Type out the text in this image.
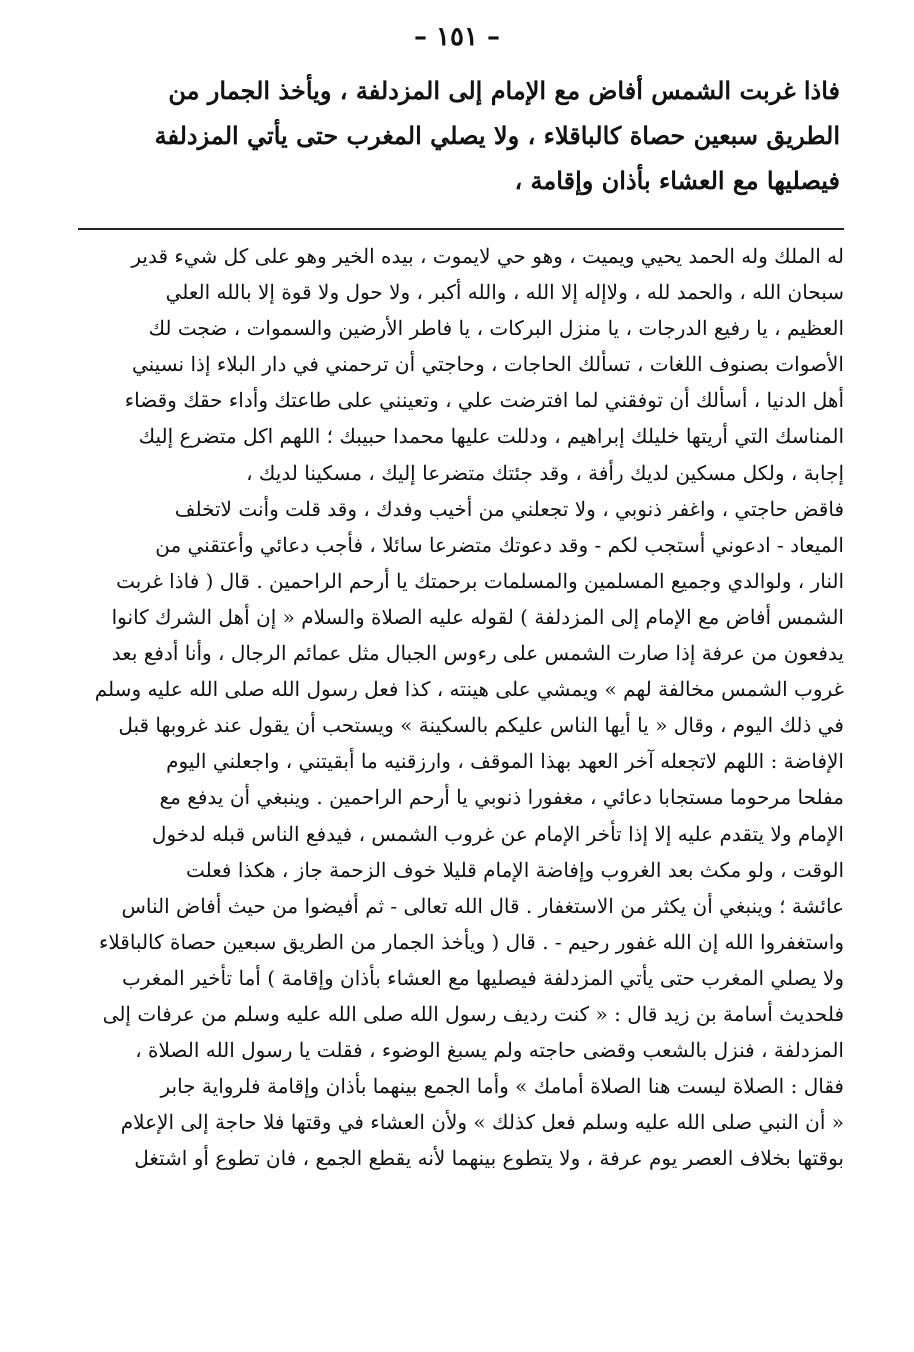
– ١٥١ –
فاذا غربت الشمس أفاض مع الإمام إلى المزدلفة ، ويأخذ الجمار من
الطريق سبعين حصاة كالباقلاء ، ولا يصلي المغرب حتى يأتي المزدلفة
فيصليها مع العشاء بأذان وإقامة ،
له الملك وله الحمد يحيي ويميت ، وهو حي لايموت ، بيده الخير وهو على كل شيء قدير
سبحان الله ، والحمد لله ، ولاإله إلا الله ، والله أكبر ، ولا حول ولا قوة إلا بالله العلي
العظيم ، يا رفيع الدرجات ، يا منزل البركات ، يا فاطر الأرضين والسموات ، ضجت لك
الأصوات بصنوف اللغات ، تسألك الحاجات ، وحاجتي أن ترحمني في دار البلاء إذا نسيني
أهل الدنيا ، أسألك أن توفقني لما افترضت علي ، وتعينني على طاعتك وأداء حقك وقضاء
المناسك التي أريتها خليلك إبراهيم ، ودللت عليها محمدا حبيبك ؛ اللهم اكل متضرع إليك
إجابة ، ولكل مسكين لديك رأفة ، وقد جئتك متضرعا إليك ، مسكينا لديك ،
فاقض حاجتي ، واغفر ذنوبي ، ولا تجعلني من أخيب وفدك ، وقد قلت وأنت لاتخلف
الميعاد - ادعوني أستجب لكم - وقد دعوتك متضرعا سائلا ، فأجب دعائي وأعتقني من
النار ، ولوالدي وجميع المسلمين والمسلمات برحمتك يا أرحم الراحمين . قال ( فاذا غربت
الشمس أفاض مع الإمام إلى المزدلفة ) لقوله عليه الصلاة والسلام « إن أهل الشرك كانوا
يدفعون من عرفة إذا صارت الشمس على رءوس الجبال مثل عمائم الرجال ، وأنا أدفع بعد
غروب الشمس مخالفة لهم » ويمشي على هينته ، كذا فعل رسول الله صلى الله عليه وسلم
في ذلك اليوم ، وقال « يا أيها الناس عليكم بالسكينة » ويستحب أن يقول عند غروبها قبل
الإفاضة : اللهم لاتجعله آخر العهد بهذا الموقف ، وارزقنيه ما أبقيتني ، واجعلني اليوم
مفلحا مرحوما مستجابا دعائي ، مغفورا ذنوبي يا أرحم الراحمين . وينبغي أن يدفع مع
الإمام ولا يتقدم عليه إلا إذا تأخر الإمام عن غروب الشمس ، فيدفع الناس قبله لدخول
الوقت ، ولو مكث بعد الغروب وإفاضة الإمام قليلا خوف الزحمة جاز ، هكذا فعلت
عائشة ؛ وينبغي أن يكثر من الاستغفار . قال الله تعالى - ثم أفيضوا من حيث أفاض الناس
واستغفروا الله إن الله غفور رحيم - . قال ( ويأخذ الجمار من الطريق سبعين حصاة كالباقلاء
ولا يصلي المغرب حتى يأتي المزدلفة فيصليها مع العشاء بأذان وإقامة ) أما تأخير المغرب
فلحديث أسامة بن زيد قال : « كنت رديف رسول الله صلى الله عليه وسلم من عرفات إلى
المزدلفة ، فنزل بالشعب وقضى حاجته ولم يسبغ الوضوء ، فقلت يا رسول الله الصلاة ،
فقال : الصلاة ليست هنا الصلاة أمامك » وأما الجمع بينهما بأذان وإقامة فلرواية جابر
« أن النبي صلى الله عليه وسلم فعل كذلك » ولأن العشاء في وقتها فلا حاجة إلى الإعلام
بوقتها بخلاف العصر يوم عرفة ، ولا يتطوع بينهما لأنه يقطع الجمع ، فان تطوع أو اشتغل
